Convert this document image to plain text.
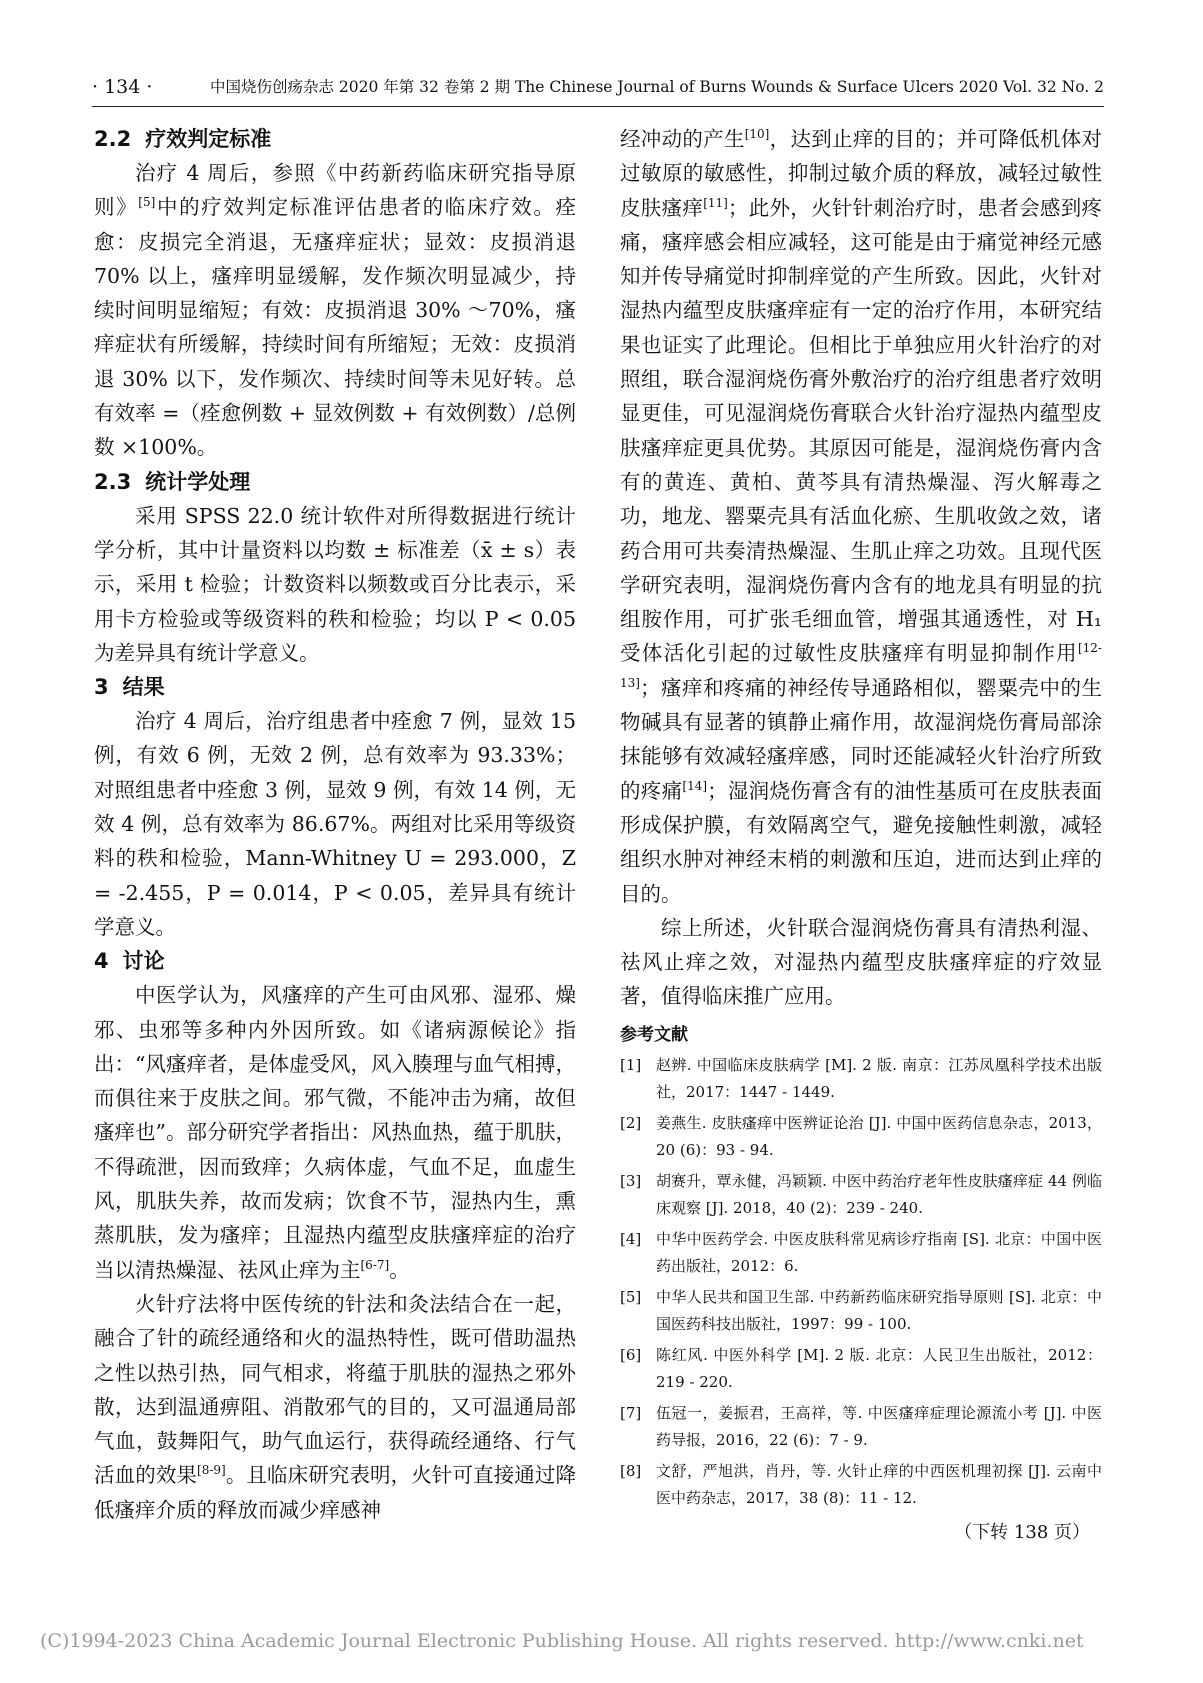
· 134 ·	中国烧伤创疡杂志 2020 年第 32 卷第 2 期 The Chinese Journal of Burns Wounds & Surface Ulcers 2020 Vol. 32 No. 2
2.2 疗效判定标准

治疗 4 周后，参照《中药新药临床研究指导原则》[5]中的疗效判定标准评估患者的临床疗效。痊愈：皮损完全消退，无瘙痒症状；显效：皮损消退 70% 以上，瘙痒明显缓解，发作频次明显减少，持续时间明显缩短；有效：皮损消退 30% ～70%，瘙痒症状有所缓解，持续时间有所缩短；无效：皮损消退 30% 以下，发作频次、持续时间等未见好转。总有效率 =（痊愈例数 + 显效例数 + 有效例数）/总例数 ×100%。

2.3 统计学处理

采用 SPSS 22.0 统计软件对所得数据进行统计学分析，其中计量资料以均数 ± 标准差（x̄ ± s）表示，采用 t 检验；计数资料以频数或百分比表示，采用卡方检验或等级资料的秩和检验；均以 P < 0.05 为差异具有统计学意义。

3 结果

治疗 4 周后，治疗组患者中痊愈 7 例，显效 15 例，有效 6 例，无效 2 例，总有效率为 93.33%；对照组患者中痊愈 3 例，显效 9 例，有效 14 例，无效 4 例，总有效率为 86.67%。两组对比采用等级资料的秩和检验，Mann-Whitney U = 293.000，Z = -2.455，P = 0.014，P < 0.05，差异具有统计学意义。

4 讨论

中医学认为，风瘙痒的产生可由风邪、湿邪、燥邪、虫邪等多种内外因所致。如《诸病源候论》指出：“风瘙痒者，是体虚受风，风入腠理与血气相搏，而俱往来于皮肤之间。邪气微，不能冲击为痛，故但瘙痒也”。部分研究学者指出：风热血热，蕴于肌肤，不得疏泄，因而致痒；久病体虚，气血不足，血虚生风，肌肤失养，故而发病；饮食不节，湿热内生，熏蒸肌肤，发为瘙痒；且湿热内蕴型皮肤瘙痒症的治疗当以清热燥湿、祛风止痒为主[6-7]。

火针疗法将中医传统的针法和灸法结合在一起，融合了针的疏经通络和火的温热特性，既可借助温热之性以热引热，同气相求，将蕴于肌肤的湿热之邪外散，达到温通痹阻、消散邪气的目的，又可温通局部气血，鼓舞阳气，助气血运行，获得疏经通络、行气活血的效果[8-9]。且临床研究表明，火针可直接通过降低瘙痒介质的释放而减少痒感神

经冲动的产生[10]，达到止痒的目的；并可降低机体对过敏原的敏感性，抑制过敏介质的释放，减轻过敏性皮肤瘙痒[11]；此外，火针针刺治疗时，患者会感到疼痛，瘙痒感会相应减轻，这可能是由于痛觉神经元感知并传导痛觉时抑制痒觉的产生所致。因此，火针对湿热内蕴型皮肤瘙痒症有一定的治疗作用，本研究结果也证实了此理论。但相比于单独应用火针治疗的对照组，联合湿润烧伤膏外敷治疗的治疗组患者疗效明显更佳，可见湿润烧伤膏联合火针治疗湿热内蕴型皮肤瘙痒症更具优势。其原因可能是，湿润烧伤膏内含有的黄连、黄柏、黄芩具有清热燥湿、泻火解毒之功，地龙、罂粟壳具有活血化瘀、生肌收敛之效，诸药合用可共奏清热燥湿、生肌止痒之功效。且现代医学研究表明，湿润烧伤膏内含有的地龙具有明显的抗组胺作用，可扩张毛细血管，增强其通透性，对 H₁ 受体活化引起的过敏性皮肤瘙痒有明显抑制作用[12-13]；瘙痒和疼痛的神经传导通路相似，罂粟壳中的生物碱具有显著的镇静止痛作用，故湿润烧伤膏局部涂抹能够有效减轻瘙痒感，同时还能减轻火针治疗所致的疼痛[14]；湿润烧伤膏含有的油性基质可在皮肤表面形成保护膜，有效隔离空气，避免接触性刺激，减轻组织水肿对神经末梢的刺激和压迫，进而达到止痒的目的。

综上所述，火针联合湿润烧伤膏具有清热利湿、祛风止痒之效，对湿热内蕴型皮肤瘙痒症的疗效显著，值得临床推广应用。

参考文献
[1] 赵辨. 中国临床皮肤病学 [M]. 2 版. 南京：江苏凤凰科学技术出版社，2017：1447 - 1449.
[2] 姜燕生. 皮肤瘙痒中医辨证论治 [J]. 中国中医药信息杂志，2013，20 (6)：93 - 94.
[3] 胡赛升，覃永健，冯颖颖. 中医中药治疗老年性皮肤瘙痒症 44 例临床观察 [J]. 2018，40 (2)：239 - 240.
[4] 中华中医药学会. 中医皮肤科常见病诊疗指南 [S]. 北京：中国中医药出版社，2012：6.
[5] 中华人民共和国卫生部. 中药新药临床研究指导原则 [S]. 北京：中国医药科技出版社，1997：99 - 100.
[6] 陈红风. 中医外科学 [M]. 2 版. 北京：人民卫生出版社，2012：219 - 220.
[7] 伍冠一，姜振君，王高祥，等. 中医瘙痒症理论源流小考 [J]. 中医药导报，2016，22 (6)：7 - 9.
[8] 文舒，严旭洪，肖丹，等. 火针止痒的中西医机理初探 [J]. 云南中医中药杂志，2017，38 (8)：11 - 12.
（下转 138 页）
(C)1994-2023 China Academic Journal Electronic Publishing House. All rights reserved. http://www.cnki.net
